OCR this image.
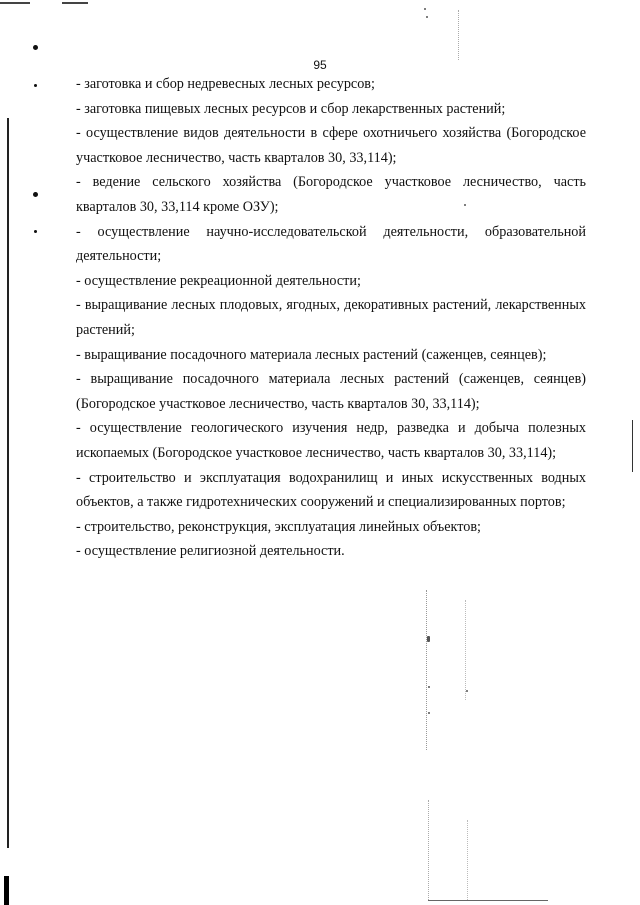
95

- заготовка и сбор недревесных лесных ресурсов;

- заготовка пищевых лесных ресурсов и сбор лекарственных растений;

- осуществление видов деятельности в сфере охотничьего хозяйства (Богородское участковое лесничество, часть кварталов 30, 33,114);

- ведение сельского хозяйства (Богородское участковое лесничество, часть кварталов 30, 33,114 кроме ОЗУ);

- осуществление научно-исследовательской деятельности, образовательной деятельности;

- осуществление рекреационной деятельности;

- выращивание лесных плодовых, ягодных, декоративных растений, лекарственных растений;

- выращивание посадочного материала лесных растений (саженцев, сеянцев);

- выращивание посадочного материала лесных растений (саженцев, сеянцев) (Богородское участковое лесничество, часть кварталов 30, 33,114);

- осуществление геологического изучения недр, разведка и добыча полезных ископаемых (Богородское участковое лесничество, часть кварталов 30, 33,114);

- строительство и эксплуатация водохранилищ и иных искусственных водных объектов, а также гидротехнических сооружений и специализированных портов;

- строительство, реконструкция, эксплуатация линейных объектов;

- осуществление религиозной деятельности.
